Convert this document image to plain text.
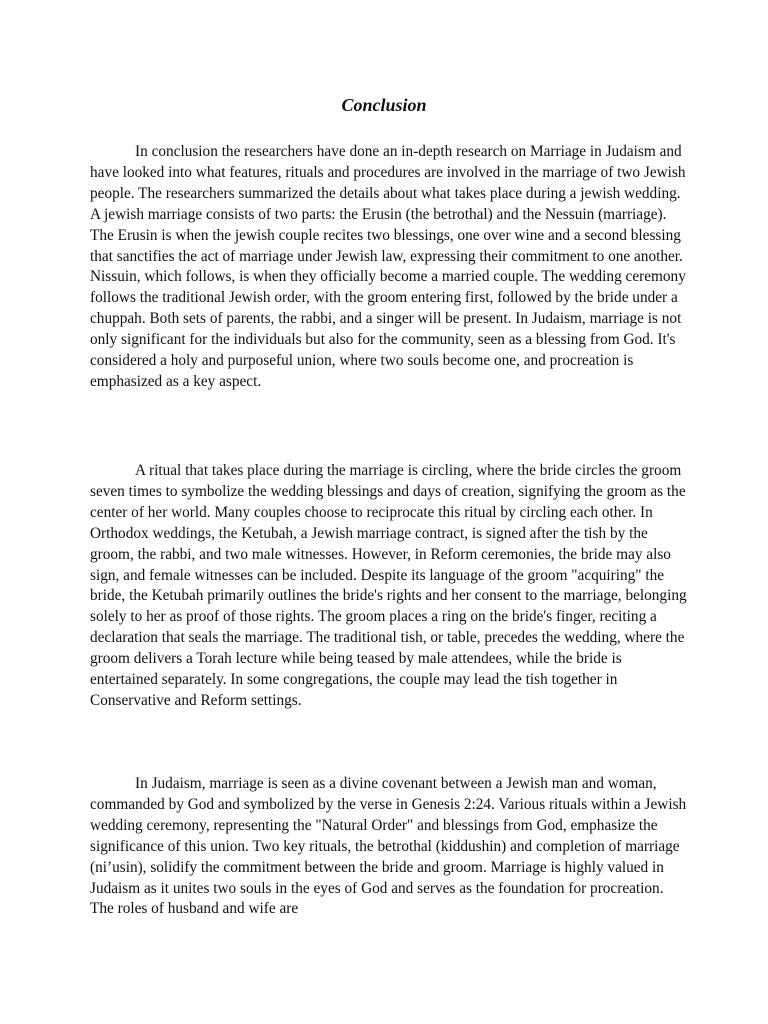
Conclusion

In conclusion the researchers have done an in-depth research on Marriage in Judaism and have looked into what features, rituals and procedures are involved in the marriage of two Jewish people. The researchers summarized the details about what takes place during a jewish wedding. A jewish marriage consists of two parts: the Erusin (the betrothal) and the Nessuin (marriage). The Erusin is when the jewish couple recites two blessings, one over wine and a second blessing that sanctifies the act of marriage under Jewish law, expressing their commitment to one another. Nissuin, which follows, is when they officially become a married couple. The wedding ceremony follows the traditional Jewish order, with the groom entering first, followed by the bride under a chuppah. Both sets of parents, the rabbi, and a singer will be present. In Judaism, marriage is not only significant for the individuals but also for the community, seen as a blessing from God. It's considered a holy and purposeful union, where two souls become one, and procreation is emphasized as a key aspect.

A ritual that takes place during the marriage is circling, where the bride circles the groom seven times to symbolize the wedding blessings and days of creation, signifying the groom as the center of her world. Many couples choose to reciprocate this ritual by circling each other. In Orthodox weddings, the Ketubah, a Jewish marriage contract, is signed after the tish by the groom, the rabbi, and two male witnesses. However, in Reform ceremonies, the bride may also sign, and female witnesses can be included. Despite its language of the groom "acquiring" the bride, the Ketubah primarily outlines the bride's rights and her consent to the marriage, belonging solely to her as proof of those rights. The groom places a ring on the bride's finger, reciting a declaration that seals the marriage. The traditional tish, or table, precedes the wedding, where the groom delivers a Torah lecture while being teased by male attendees, while the bride is entertained separately. In some congregations, the couple may lead the tish together in Conservative and Reform settings.

In Judaism, marriage is seen as a divine covenant between a Jewish man and woman, commanded by God and symbolized by the verse in Genesis 2:24. Various rituals within a Jewish wedding ceremony, representing the "Natural Order" and blessings from God, emphasize the significance of this union. Two key rituals, the betrothal (kiddushin) and completion of marriage (ni’usin), solidify the commitment between the bride and groom. Marriage is highly valued in Judaism as it unites two souls in the eyes of God and serves as the foundation for procreation. The roles of husband and wife are
